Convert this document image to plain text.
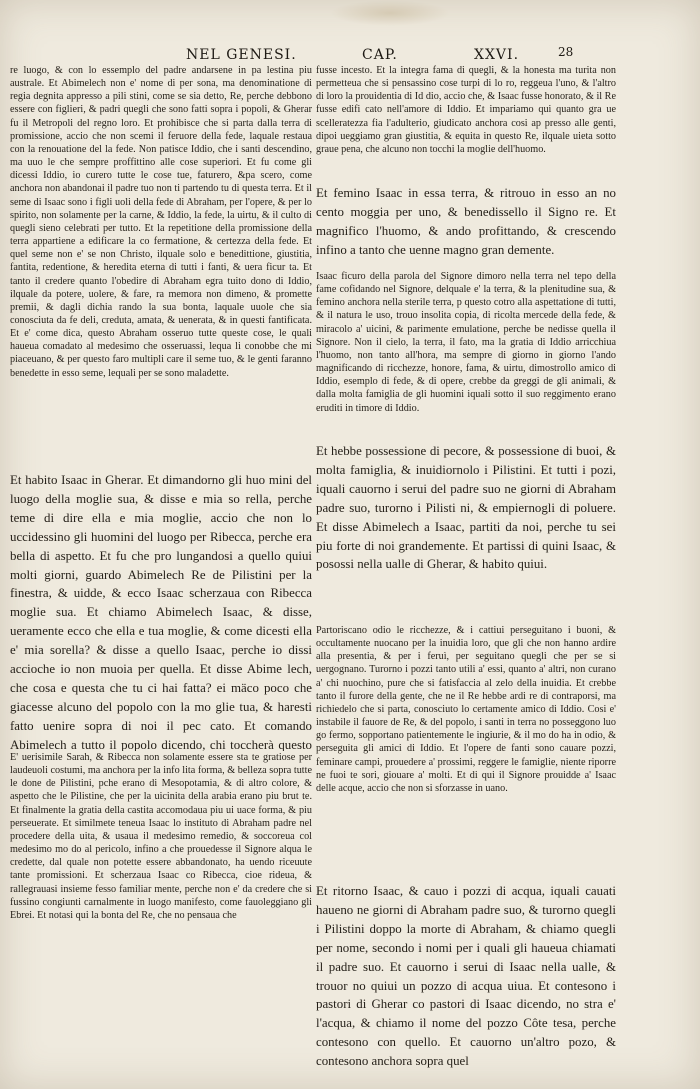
NEL GENESI.	CAP.	XXVI.	28

re luogo, & con lo essemplo del padre andarsene in pa lestina piu australe. Et Abimelech non e' nome di per sona, ma denominatione di regia degnita appresso a pili stini, come se sia detto, Re, perche debbono essere con figlieri, & padri quegli che sono fatti sopra i popoli, & Gherar fu il Metropoli del regno loro. Et prohibisce che si parta dalla terra di promissione, accio che non scemi il feruore della fede, laquale restaua con la renouatione del la fede. Non patisce Iddio, che i santi descendino, ma uuo le che sempre proffittino alle cose superiori. Et fu come gli dicessi Iddio, io curero tutte le cose tue, faturero, &pa scero, come anchora non abandonai il padre tuo non ti partendo tu di questa terra. Et il seme di Isaac sono i figli uoli della fede di Abraham, per l'opere, & per lo spirito, non solamente per la carne, & Iddio, la fede, la uirtu, & il culto di quegli sieno celebrati per tutto. Et la repetitione della promissione della terra appartiene a edificare la co fermatione, & certezza della fede. Et quel seme non e' se non Christo, ilquale solo e benedittione, giustitia, fantita, redentione, & heredita eterna di tutti i fanti, & uera ficur ta. Et tanto il credere quanto l'obedire di Abraham egra tuito dono di Iddio, ilquale da potere, uolere, & fare, ra memora non dimeno, & promette premii, & dagli dichia rando la sua bonta, laquale uuole che sia conosciuta da fe deli, creduta, amata, & uenerata, & in questi fantificata. Et e' come dica, questo Abraham osseruo tutte queste cose, le quali haueua comadato al medesimo che osseruassi, lequa li conobbe che mi piaceuano, & per questo faro multipli care il seme tuo, & le genti faranno benedette in esso seme, lequali per se sono maladette.

Et habito Isaac in Gherar. Et dimandorno gli huo mini del luogo della moglie sua, & disse e mia so rella, perche teme di dire ella e mia moglie, accio che non lo uccidessino gli huomini del luogo per Ribecca, perche era bella di aspetto. Et fu che pro lungandosi a quello quiui molti giorni, guardo Abimelech Re de Pilistini per la finestra, & uidde, & ecco Isaac scherzaua con Ribecca moglie sua. Et chiamo Abimelech Isaac, & disse, ueramente ecco che ella e tua moglie, & come dicesti ella e' mia sorella? & disse a quello Isaac, perche io dissi accioche io non muoia per quella. Et disse Abime lech, che cosa e questa che tu ci hai fatta? ei mäco poco che giacesse alcuno del popolo con la mo glie tua, & haresti fatto uenire sopra di noi il pec cato. Et comando Abimelech a tutto il popolo dicendo, chi toccherà questo

E' uerisimile Sarah, & Ribecca non solamente essere sta te gratiose per laudeuoli costumi, ma anchora per la info lita forma, & belleza sopra tutte le done de Pilistini, pche erano di Mesopotamia, & di altro colore, & aspetto che le Pilistine, che per la uicinita della arabia erano piu brut te. Et finalmente la gratia della castita accomodaua piu ui uace forma, & piu perseuerate. Et similmete teneua Isaac lo instituto di Abraham padre nel procedere della uita, & usaua il medesimo remedio, & soccoreua col medesimo mo do al pericolo, infino a che prouedesse il Signore alqua le credette, dal quale non potette essere abbandonato, ha uendo riceuute tante promissioni. Et scherzaua Isaac co Ribecca, cioe rideua, & rallegrauasi insieme fesso familiar mente, perche non e' da credere che si fussino congiunti carnalmente in luogo manifesto, come fauoleggiano gli Ebrei. Et notasi qui la bonta del Re, che no pensaua che

fusse incesto. Et la integra fama di quegli, & la honesta ma turita non permetteua che si pensassino cose turpi di lo ro, reggeua l'uno, & l'altro di loro la prouidentia di Id dio, accio che, & Isaac fusse honorato, & il Re fusse edifi cato nell'amore di Iddio. Et impariamo qui quanto gra ue scelleratezza fia l'adulterio, giudicato anchora cosi ap presso alle genti, dipoi ueggiamo gran giustitia, & equita in questo Re, ilquale uieta sotto graue pena, che alcuno non tocchi la moglie dell'huomo.

Et femino Isaac in essa terra, & ritrouo in esso an no cento moggia per uno, & benedissello il Signo re. Et magnifico l'huomo, & ando profittando, & crescendo infino a tanto che uenne magno gran demente.

Isaac ficuro della parola del Signore dimoro nella terra nel tepo della fame cofidando nel Signore, delquale e' la terra, & la plenitudine sua, & femino anchora nella sterile terra, p questo cotro alla aspettatione di tutti, & il natura le uso, trouo insolita copia, di ricolta mercede della fede, & miracolo a' uicini, & parimente emulatione, perche be nedisse quella il Signore. Non il cielo, la terra, il fato, ma la gratia di Iddio arricchiua l'huomo, non tanto all'hora, ma sempre di giorno in giorno l'ando magnificando di ricchezze, honore, fama, & uirtu, dimostrollo amico di Iddio, esemplo di fede, & di opere, crebbe da greggi de gli animali, & dalla molta famiglia de gli huomini iquali sotto il suo reggimento erano eruditi in timore di Iddio.

Et hebbe possessione di pecore, & possessione di buoi, & molta famiglia, & inuidiornolo i Pilistini. Et tutti i pozi, iquali cauorno i serui del padre suo ne giorni di Abraham padre suo, turorno i Pilisti ni, & empiernogli di poluere. Et disse Abimelech a Isaac, partiti da noi, perche tu sei piu forte di noi grandemente. Et partissi di quini Isaac, & posossi nella ualle di Gherar, & habito quiui.

Partoriscano odio le ricchezze, & i cattiui perseguitano i buoni, & occultamente nuocano per la inuidia loro, que gli che non hanno ardire alla presentia, & per i feruì, per seguitano quegli che per se si uergognano. Turorno i pozzi tanto utili a' essi, quanto a' altri, non curano a' chi nuochino, pure che si fatisfaccia al zelo della inuidia. Et crebbe tanto il furore della gente, che ne il Re hebbe ardi re di contraporsi, ma richiedelo che si parta, conosciuto lo certamente amico di Iddio. Cosi e' instabile il fauore de Re, & del popolo, i santi in terra no posseggono luo go fermo, sopportano patientemente le ingiurie, & il mo do ha in odio, & perseguita gli amici di Iddio. Et l'opere de fanti sono cauare pozzi, feminare campi, prouedere a' prossimi, reggere le famiglie, niente riporre ne fuoi te sori, giouare a' molti. Et di qui il Signore prouidde a' Isaac delle acque, accio che non si sforzasse in uano.

Et ritorno Isaac, & cauo i pozzi di acqua, iquali cauati haueno ne giorni di Abraham padre suo, & turorno quegli i Pilistini doppo la morte di Abraham, & chiamo quegli per nome, secondo i nomi per i quali gli haueua chiamati il padre suo. Et cauorno i serui di Isaac nella ualle, & trouor no quiui un pozzo di acqua uiua. Et contesono i pastori di Gherar co pastori di Isaac dicendo, no stra e' l'acqua, & chiamo il nome del pozzo Côte tesa, perche contesono con quello. Et cauorno un'altro pozo, & contesono anchora sopra quel
